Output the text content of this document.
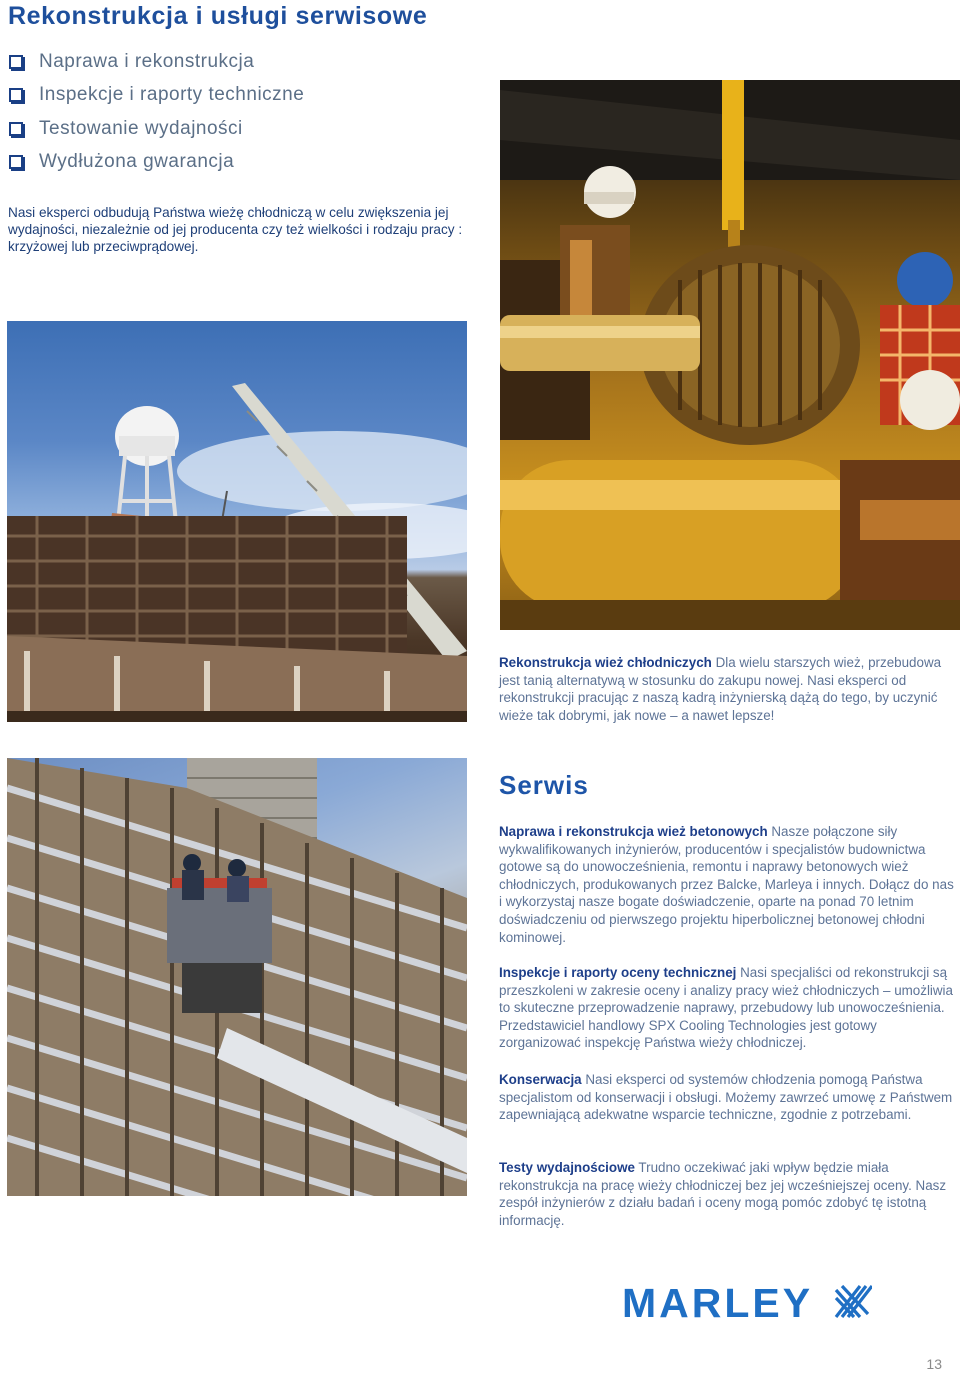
Rekonstrukcja i usługi serwisowe
Naprawa i rekonstrukcja
Inspekcje i raporty techniczne
Testowanie wydajności
Wydłużona gwarancja

Nasi eksperci odbudują Państwa wieżę chłodniczą w celu zwiększenia jej wydajności, niezależnie od jej producenta czy też wielkości i rodzaju pracy : krzyżowej lub przeciwprądowej.

Rekonstrukcja wież chłodniczych Dla wielu starszych wież, przebudowa jest tanią alternatywą w stosunku do zakupu nowej. Nasi eksperci od rekonstrukcji pracując z naszą kadrą inżynierską dążą do tego, by uczynić wieże tak dobrymi, jak nowe – a nawet lepsze!

Serwis

Naprawa i rekonstrukcja wież betonowych Nasze połączone siły wykwalifikowanych inżynierów, producentów i specjalistów budownictwa gotowe są do unowocześnienia, remontu i naprawy betonowych wież chłodniczych, produkowanych przez Balcke, Marleya i innych. Dołącz do nas i wykorzystaj nasze bogate doświadczenie, oparte na ponad 70 letnim doświadczeniu od pierwszego projektu hiperbolicznej betonowej chłodni kominowej.

Inspekcje i raporty oceny technicznej Nasi specjaliści od rekonstrukcji są przeszkoleni w zakresie oceny i analizy pracy wież chłodniczych – umożliwia to skuteczne przeprowadzenie naprawy, przebudowy lub unowocześnienia. Przedstawiciel handlowy SPX Cooling Technologies jest gotowy zorganizować inspekcję Państwa wieży chłodniczej.

Konserwacja Nasi eksperci od systemów chłodzenia pomogą Państwa specjalistom od konserwacji i obsługi. Możemy zawrzeć umowę z Państwem zapewniającą adekwatne wsparcie techniczne, zgodnie z potrzebami.

Testy wydajnościowe Trudno oczekiwać jaki wpływ będzie miała rekonstrukcja na pracę wieży chłodniczej bez jej wcześniejszej oceny. Nasz zespół inżynierów z działu badań i oceny mogą pomóc zdobyć tę istotną informację.

MARLEY
13
